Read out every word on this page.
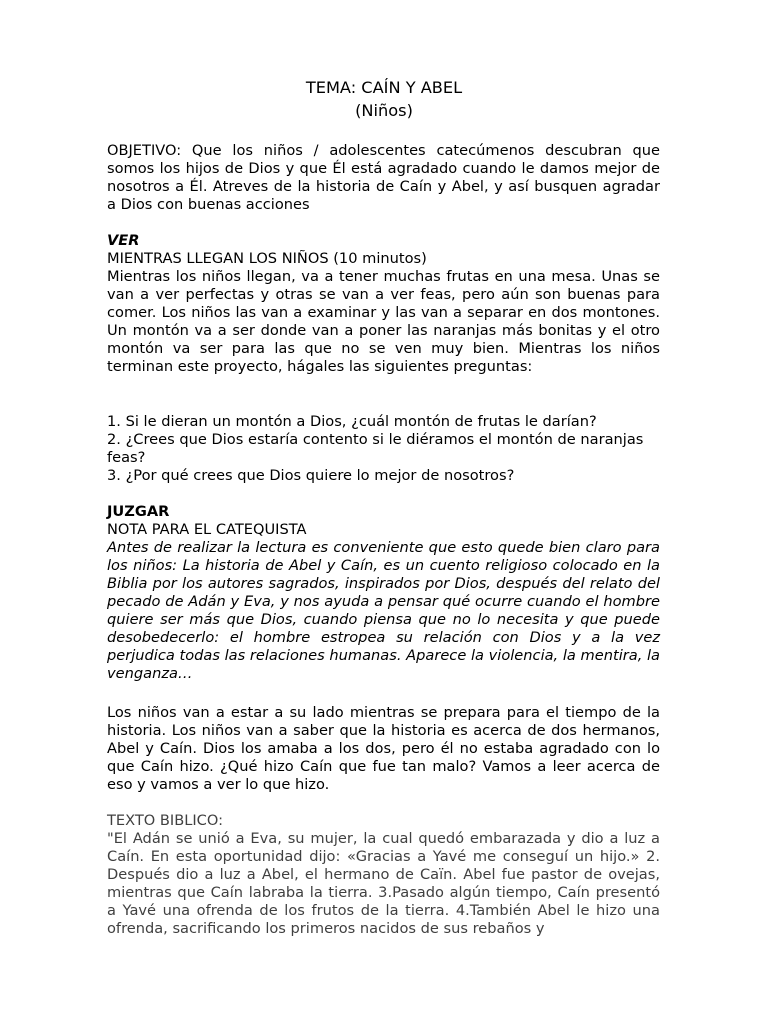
TEMA: CAÍN Y ABEL
(Niños)

OBJETIVO: Que los niños / adolescentes catecúmenos descubran que somos los hijos de Dios y que Él está agradado cuando le damos mejor de nosotros a Él. Atreves de la historia de Caín y Abel, y así busquen agradar a Dios con buenas acciones

VER
MIENTRAS LLEGAN LOS NIÑOS (10 minutos)

Mientras los niños llegan, va a tener muchas frutas en una mesa. Unas se van a ver perfectas y otras se van a ver feas, pero aún son buenas para comer. Los niños las van a examinar y las van a separar en dos montones. Un montón va a ser donde van a poner las naranjas más bonitas y el otro montón va ser para las que no se ven muy bien. Mientras los niños terminan este proyecto, hágales las siguientes preguntas:

1. Si le dieran un montón a Dios, ¿cuál montón de frutas le darían?
2. ¿Crees que Dios estaría contento si le diéramos el montón de naranjas feas?
3. ¿Por qué crees que Dios quiere lo mejor de nosotros?
JUZGAR
NOTA PARA EL CATEQUISTA

Antes de realizar la lectura es conveniente que esto quede bien claro para los niños: La historia de Abel y Caín, es un cuento religioso colocado en la Biblia por los autores sagrados, inspirados por Dios, después del relato del pecado de Adán y Eva, y nos ayuda a pensar qué ocurre cuando el hombre quiere ser más que Dios, cuando piensa que no lo necesita y que puede desobedecerlo: el hombre estropea su relación con Dios y a la vez perjudica todas las relaciones humanas. Aparece la violencia, la mentira, la venganza…

Los niños van a estar a su lado mientras se prepara para el tiempo de la historia. Los niños van a saber que la historia es acerca de dos hermanos, Abel y Caín. Dios los amaba a los dos, pero él no estaba agradado con lo que Caín hizo. ¿Qué hizo Caín que fue tan malo? Vamos a leer acerca de eso y vamos a ver lo que hizo.

TEXTO BIBLICO:

"El Adán se unió a Eva, su mujer, la cual quedó embarazada y dio a luz a Caín. En esta oportunidad dijo: «Gracias a Yavé me conseguí un hijo.» 2. Después dio a luz a Abel, el hermano de Caïn. Abel fue pastor de ovejas, mientras que Caín labraba la tierra. 3.Pasado algún tiempo, Caín presentó a Yavé una ofrenda de los frutos de la tierra. 4.También Abel le hizo una ofrenda, sacrificando los primeros nacidos de sus rebaños y
